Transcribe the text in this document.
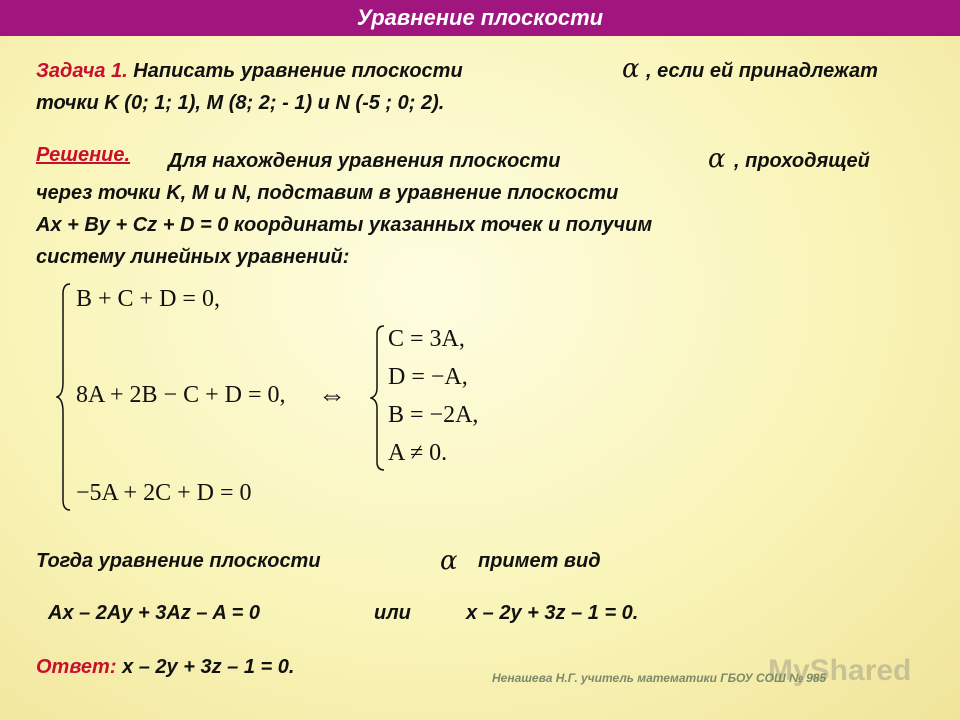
Уравнение плоскости
Задача 1. Написать уравнение плоскости	α , если ей принадлежат
точки K (0; 1; 1), M (8; 2; - 1) и N (-5 ; 0; 2).
Решение. Для нахождения уравнения плоскости	α , проходящей
через точки K, M и N, подставим в уравнение плоскости
Ax + By + Cz + D = 0 координаты указанных точек и получим
систему линейных уравнений:
B + C + D = 0,
8A + 2B − C + D = 0,
−5A + 2C + D = 0
⇔
C = 3A,
D = −A,
B = −2A,
A ≠ 0.
Тогда уравнение плоскости	α примет вид
Ax – 2Ay + 3Az – A = 0	или	x – 2y + 3z – 1 = 0.
Ответ: x – 2y + 3z – 1 = 0.	MyShared
Ненашева Н.Г. учитель математики ГБОУ СОШ № 985
